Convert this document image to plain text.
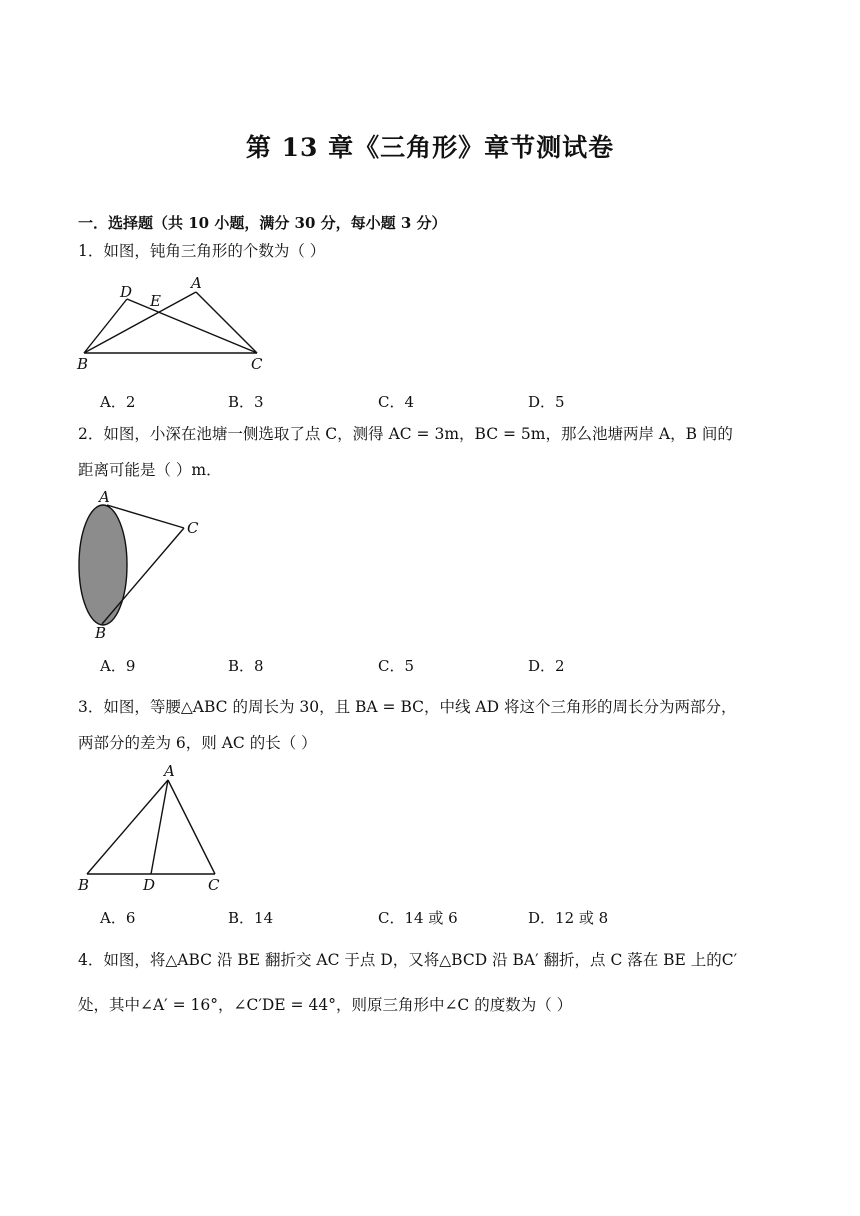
第 13 章《三角形》章节测试卷
一．选择题（共 10 小题，满分 30 分，每小题 3 分）
1．如图，钝角三角形的个数为（ ）
D E
A
B	C
A．2	B．3	C．4	D．5
2．如图，小深在池塘一侧选取了点 C，测得 AC = 3m，BC = 5m，那么池塘两岸 A，B 间的
距离可能是（ ）m．
A
C
B
A．9	B．8	C．5	D．2
3．如图，等腰△ABC 的周长为 30，且 BA = BC，中线 AD 将这个三角形的周长分为两部分，
两部分的差为 6，则 AC 的长（ ）
A
B	D	C
A．6	B．14	C．14 或 6	D．12 或 8
4．如图，将△ABC 沿 BE 翻折交 AC 于点 D，又将△BCD 沿 BA′ 翻折，点 C 落在 BE 上的C′
处，其中∠A′ = 16°，∠C′DE = 44°，则原三角形中∠C 的度数为（ ）
